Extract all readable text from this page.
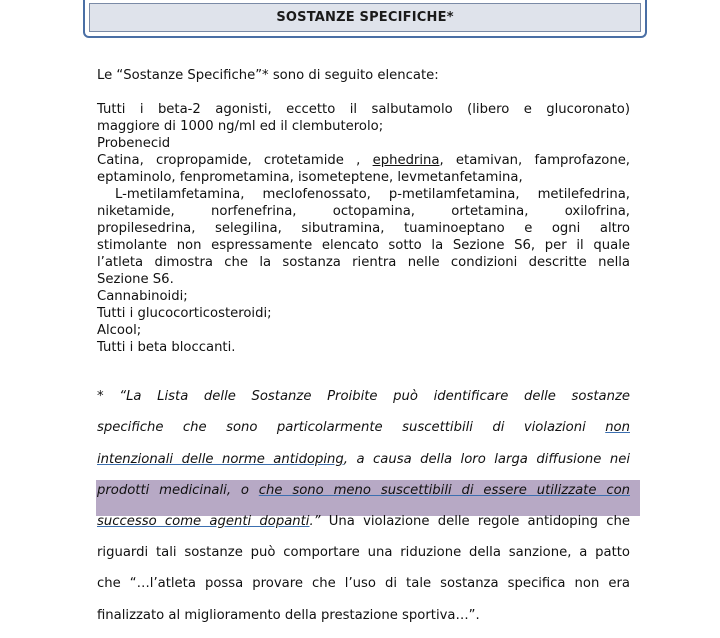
SOSTANZE SPECIFICHE*

Le “Sostanze Specifiche”* sono di seguito elencate:

Tutti i beta-2 agonisti, eccetto il salbutamolo (libero e glucoronato)

maggiore di 1000 ng/ml ed il clembuterolo;

Probenecid

Catina, cropropamide, crotetamide , ephedrina, etamivan, famprofazone,

eptaminolo, fenprometamina, isometeptene, levmetanfetamina,

L-metilamfetamina, meclofenossato, p-metilamfetamina, metilefedrina,

niketamide, norfenefrina, octopamina, ortetamina, oxilofrina,

propilesedrina, selegilina, sibutramina, tuaminoeptano e ogni altro

stimolante non espressamente elencato sotto la Sezione S6, per il quale

l’atleta dimostra che la sostanza rientra nelle condizioni descritte nella

Sezione S6.

Cannabinoidi;

Tutti i glucocorticosteroidi;

Alcool;

Tutti i beta bloccanti.

* “La Lista delle Sostanze Proibite può identificare delle sostanze

specifiche che sono particolarmente suscettibili di violazioni non

intenzionali delle norme antidoping, a causa della loro larga diffusione nei

prodotti medicinali, o che sono meno suscettibili di essere utilizzate con

successo come agenti dopanti.” Una violazione delle regole antidoping che

riguardi tali sostanze può comportare una riduzione della sanzione, a patto

che “…l’atleta possa provare che l’uso di tale sostanza specifica non era

finalizzato al miglioramento della prestazione sportiva…”.
